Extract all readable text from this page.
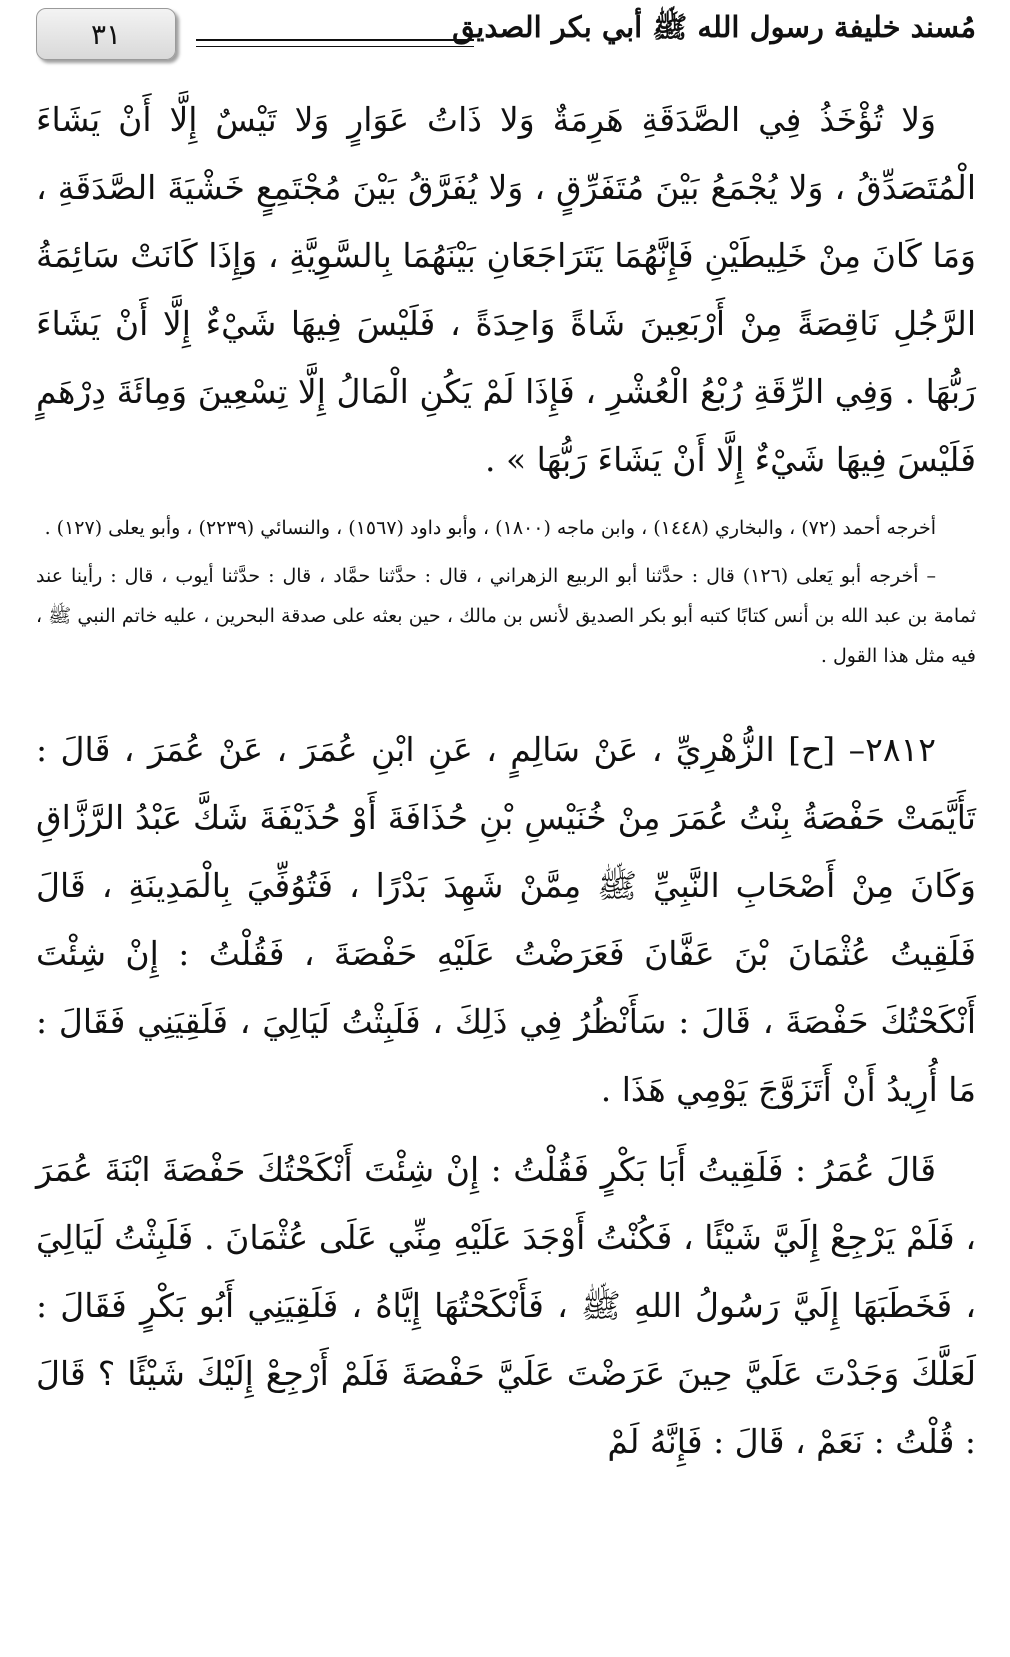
٣١	مُسند خليفة رسول الله ﷺ أبي بكر الصديق

وَلا تُؤْخَذُ فِي الصَّدَقَةِ هَرِمَةٌ وَلا ذَاتُ عَوَارٍ وَلا تَيْسٌ إِلَّا أَنْ يَشَاءَ الْمُتَصَدِّقُ ، وَلا يُجْمَعُ بَيْنَ مُتَفَرِّقٍ ، وَلا يُفَرَّقُ بَيْنَ مُجْتَمِعٍ خَشْيَةَ الصَّدَقَةِ ، وَمَا كَانَ مِنْ خَلِيطَيْنِ فَإِنَّهُمَا يَتَرَاجَعَانِ بَيْنَهُمَا بِالسَّوِيَّةِ ، وَإِذَا كَانَتْ سَائِمَةُ الرَّجُلِ نَاقِصَةً مِنْ أَرْبَعِينَ شَاةً وَاحِدَةً ، فَلَيْسَ فِيهَا شَيْءٌ إِلَّا أَنْ يَشَاءَ رَبُّهَا . وَفِي الرِّقَةِ رُبْعُ الْعُشْرِ ، فَإِذَا لَمْ يَكُنِ الْمَالُ إِلَّا تِسْعِينَ وَمِائَةَ دِرْهَمٍ فَلَيْسَ فِيهَا شَيْءٌ إِلَّا أَنْ يَشَاءَ رَبُّهَا » .

أخرجه أحمد (٧٢) ، والبخاري (١٤٤٨) ، وابن ماجه (١٨٠٠) ، وأبو داود (١٥٦٧) ، والنسائي (٢٢٣٩) ، وأبو يعلى (١٢٧) .

– أخرجه أبو يَعلى (١٢٦) قال : حدَّثنا أبو الربيع الزهراني ، قال : حدَّثنا حمَّاد ، قال : حدَّثنا أيوب ، قال : رأينا عند ثمامة بن عبد الله بن أنس كتابًا كتبه أبو بكر الصديق لأنس بن مالك ، حين بعثه على صدقة البحرين ، عليه خاتم النبي ﷺ ، فيه مثل هذا القول .

٢٨١٢– [ح] الزُّهْرِيِّ ، عَنْ سَالِمٍ ، عَنِ ابْنِ عُمَرَ ، عَنْ عُمَرَ ، قَالَ : تَأَيَّمَتْ حَفْصَةُ بِنْتُ عُمَرَ مِنْ خُنَيْسِ بْنِ حُذَافَةَ أَوْ حُذَيْفَةَ شَكَّ عَبْدُ الرَّزَّاقِ وَكَانَ مِنْ أَصْحَابِ النَّبِيِّ ﷺ مِمَّنْ شَهِدَ بَدْرًا ، فَتُوُفِّيَ بِالْمَدِينَةِ ، قَالَ فَلَقِيتُ عُثْمَانَ بْنَ عَفَّانَ فَعَرَضْتُ عَلَيْهِ حَفْصَةَ ، فَقُلْتُ : إِنْ شِئْتَ أَنْكَحْتُكَ حَفْصَةَ ، قَالَ : سَأَنْظُرُ فِي ذَلِكَ ، فَلَبِثْتُ لَيَالِيَ ، فَلَقِيَنِي فَقَالَ : مَا أُرِيدُ أَنْ أَتَزَوَّجَ يَوْمِي هَذَا .

قَالَ عُمَرُ : فَلَقِيتُ أَبَا بَكْرٍ فَقُلْتُ : إِنْ شِئْتَ أَنْكَحْتُكَ حَفْصَةَ ابْنَةَ عُمَرَ ، فَلَمْ يَرْجِعْ إِلَيَّ شَيْئًا ، فَكُنْتُ أَوْجَدَ عَلَيْهِ مِنِّي عَلَى عُثْمَانَ . فَلَبِثْتُ لَيَالِيَ ، فَخَطَبَهَا إِلَيَّ رَسُولُ اللهِ ﷺ ، فَأَنْكَحْتُهَا إِيَّاهُ ، فَلَقِيَنِي أَبُو بَكْرٍ فَقَالَ : لَعَلَّكَ وَجَدْتَ عَلَيَّ حِينَ عَرَضْتَ عَلَيَّ حَفْصَةَ فَلَمْ أَرْجِعْ إِلَيْكَ شَيْئًا ؟ قَالَ : قُلْتُ : نَعَمْ ، قَالَ : فَإِنَّهُ لَمْ
